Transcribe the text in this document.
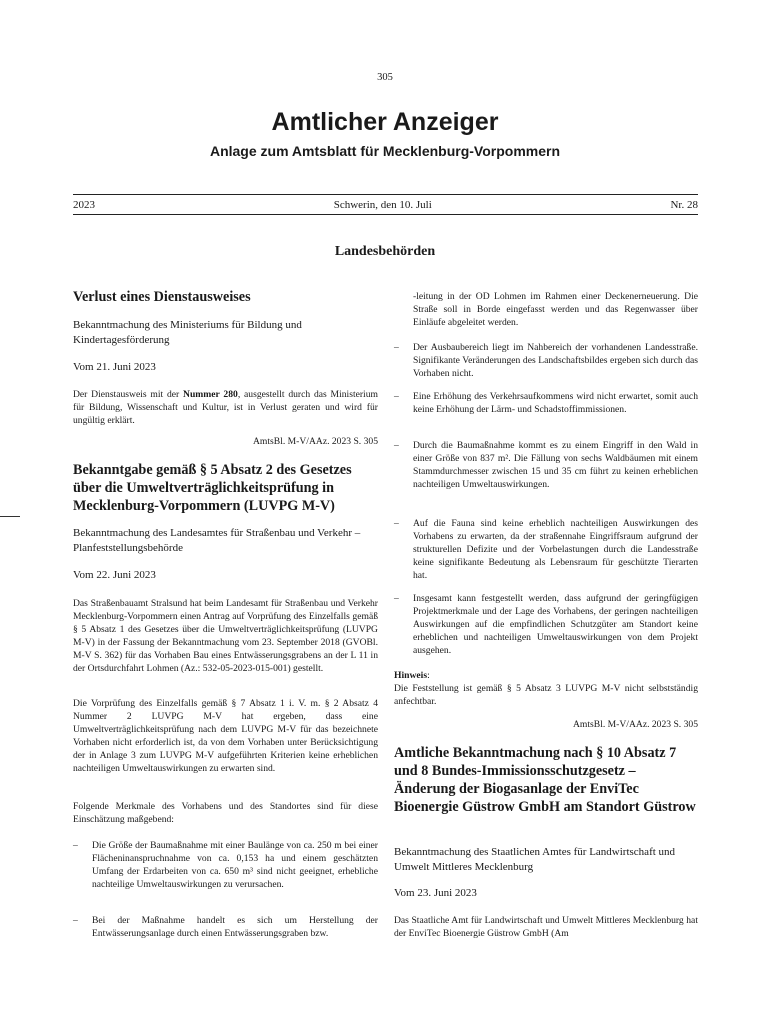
305
Amtlicher Anzeiger
Anlage zum Amtsblatt für Mecklenburg-Vorpommern
2023	Schwerin, den 10. Juli	Nr. 28
Landesbehörden
Verlust eines Dienstausweises
Bekanntmachung des Ministeriums für Bildung und Kindertagesförderung
Vom 21. Juni 2023
Der Dienstausweis mit der Nummer 280, ausgestellt durch das Ministerium für Bildung, Wissenschaft und Kultur, ist in Verlust geraten und wird für ungültig erklärt.
AmtsBl. M-V/AAz. 2023 S. 305
Bekanntgabe gemäß § 5 Absatz 2 des Gesetzes über die Umweltverträglichkeitsprüfung in Mecklenburg-Vorpommern (LUVPG M-V)
Bekanntmachung des Landesamtes für Straßenbau und Verkehr – Planfeststellungsbehörde
Vom 22. Juni 2023
Das Straßenbauamt Stralsund hat beim Landesamt für Straßenbau und Verkehr Mecklenburg-Vorpommern einen Antrag auf Vorprüfung des Einzelfalls gemäß § 5 Absatz 1 des Gesetzes über die Umweltverträglichkeitsprüfung (LUVPG M-V) in der Fassung der Bekanntmachung vom 23. September 2018 (GVOBl. M-V S. 362) für das Vorhaben Bau eines Entwässerungsgrabens an der L 11 in der Ortsdurchfahrt Lohmen (Az.: 532-05-2023-015-001) gestellt.
Die Vorprüfung des Einzelfalls gemäß § 7 Absatz 1 i. V. m. § 2 Absatz 4 Nummer 2 LUVPG M-V hat ergeben, dass eine Umweltverträglichkeitsprüfung nach dem LUVPG M-V für das bezeichnete Vorhaben nicht erforderlich ist, da von dem Vorhaben unter Berücksichtigung der in Anlage 3 zum LUVPG M-V aufgeführten Kriterien keine erheblichen nachteiligen Umweltauswirkungen zu erwarten sind.
Folgende Merkmale des Vorhabens und des Standortes sind für diese Einschätzung maßgebend:
– Die Größe der Baumaßnahme mit einer Baulänge von ca. 250 m bei einer Flächeninanspruchnahme von ca. 0,153 ha und einem geschätzten Umfang der Erdarbeiten von ca. 650 m³ sind nicht geeignet, erhebliche nachteilige Umweltauswirkungen zu verursachen.
– Bei der Maßnahme handelt es sich um Herstellung der Entwässerungsanlage durch einen Entwässerungsgraben bzw.
-leitung in der OD Lohmen im Rahmen einer Deckenerneuerung. Die Straße soll in Borde eingefasst werden und das Regenwasser über Einläufe abgeleitet werden.
– Der Ausbaubereich liegt im Nahbereich der vorhandenen Landesstraße. Signifikante Veränderungen des Landschaftsbildes ergeben sich durch das Vorhaben nicht.
– Eine Erhöhung des Verkehrsaufkommens wird nicht erwartet, somit auch keine Erhöhung der Lärm- und Schadstoffimmissionen.
– Durch die Baumaßnahme kommt es zu einem Eingriff in den Wald in einer Größe von 837 m². Die Fällung von sechs Waldbäumen mit einem Stammdurchmesser zwischen 15 und 35 cm führt zu keinen erheblichen nachteiligen Umweltauswirkungen.
– Auf die Fauna sind keine erheblich nachteiligen Auswirkungen des Vorhabens zu erwarten, da der straßennahe Eingriffsraum aufgrund der strukturellen Defizite und der Vorbelastungen durch die Landesstraße keine signifikante Bedeutung als Lebensraum für geschützte Tierarten hat.
– Insgesamt kann festgestellt werden, dass aufgrund der geringfügigen Projektmerkmale und der Lage des Vorhabens, der geringen nachteiligen Auswirkungen auf die empfindlichen Schutzgüter am Standort keine erheblichen und nachteiligen Umweltauswirkungen von dem Projekt ausgehen.
Hinweis:
Die Feststellung ist gemäß § 5 Absatz 3 LUVPG M-V nicht selbstständig anfechtbar.
AmtsBl. M-V/AAz. 2023 S. 305
Amtliche Bekanntmachung nach § 10 Absatz 7 und 8 Bundes-Immissionsschutzgesetz – Änderung der Biogasanlage der EnviTec Bioenergie Güstrow GmbH am Standort Güstrow
Bekanntmachung des Staatlichen Amtes für Landwirtschaft und Umwelt Mittleres Mecklenburg
Vom 23. Juni 2023
Das Staatliche Amt für Landwirtschaft und Umwelt Mittleres Mecklenburg hat der EnviTec Bioenergie Güstrow GmbH (Am
